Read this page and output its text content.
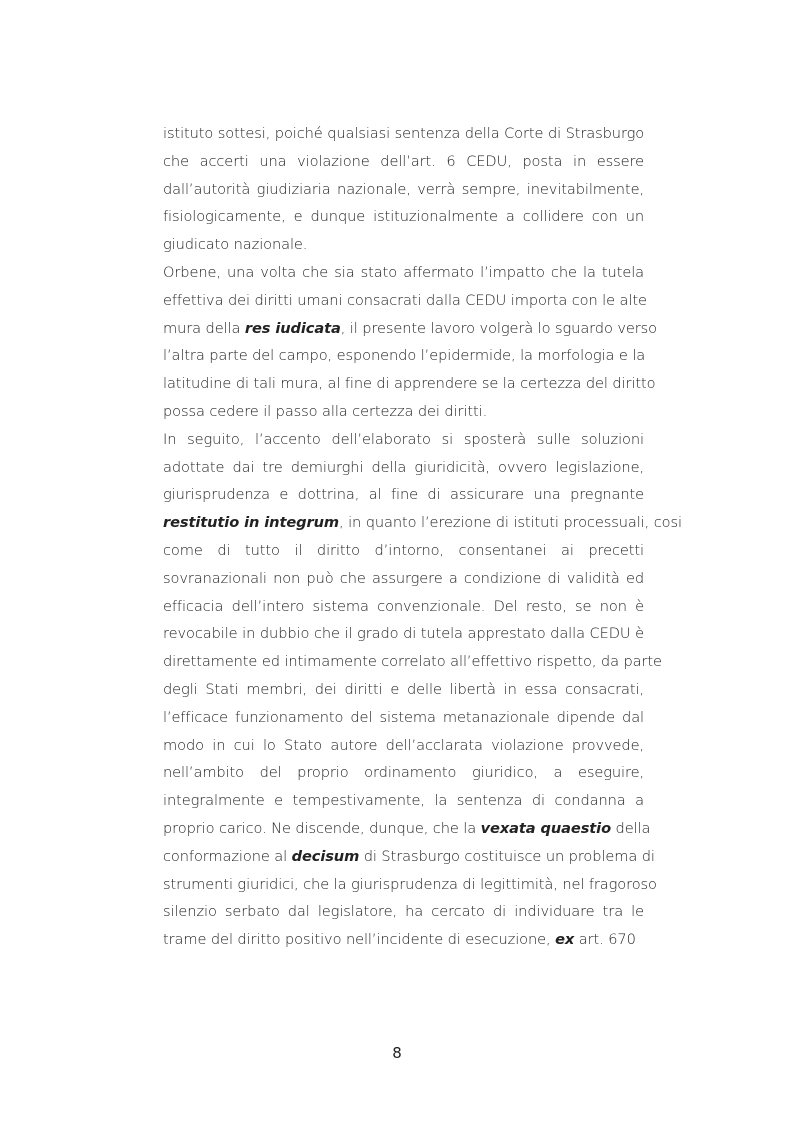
istituto sottesi, poiché qualsiasi sentenza della Corte di Strasburgo
che accerti una violazione dell’art. 6 CEDU, posta in essere
dall’autorità giudiziaria nazionale, verrà sempre, inevitabilmente,
fisiologicamente, e dunque istituzionalmente a collidere con un
giudicato nazionale.

Orbene, una volta che sia stato affermato l’impatto che la tutela
effettiva dei diritti umani consacrati dalla CEDU importa con le alte
mura della res iudicata, il presente lavoro volgerà lo sguardo verso
l’altra parte del campo, esponendo l’epidermide, la morfologia e la
latitudine di tali mura, al fine di apprendere se la certezza del diritto
possa cedere il passo alla certezza dei diritti.

In seguito, l’accento dell’elaborato si sposterà sulle soluzioni
adottate dai tre demiurghi della giuridicità, ovvero legislazione,
giurisprudenza e dottrina, al fine di assicurare una pregnante
restitutio in integrum, in quanto l’erezione di istituti processuali, cosi
come di tutto il diritto d’intorno, consentanei ai precetti
sovranazionali non può che assurgere a condizione di validità ed
efficacia dell’intero sistema convenzionale. Del resto, se non è
revocabile in dubbio che il grado di tutela apprestato dalla CEDU è
direttamente ed intimamente correlato all’effettivo rispetto, da parte
degli Stati membri, dei diritti e delle libertà in essa consacrati,
l’efficace funzionamento del sistema metanazionale dipende dal
modo in cui lo Stato autore dell’acclarata violazione provvede,
nell’ambito del proprio ordinamento giuridico, a eseguire,
integralmente e tempestivamente, la sentenza di condanna a
proprio carico. Ne discende, dunque, che la vexata quaestio della
conformazione al decisum di Strasburgo costituisce un problema di
strumenti giuridici, che la giurisprudenza di legittimità, nel fragoroso
silenzio serbato dal legislatore, ha cercato di individuare tra le
trame del diritto positivo nell’incidente di esecuzione, ex art. 670

8
